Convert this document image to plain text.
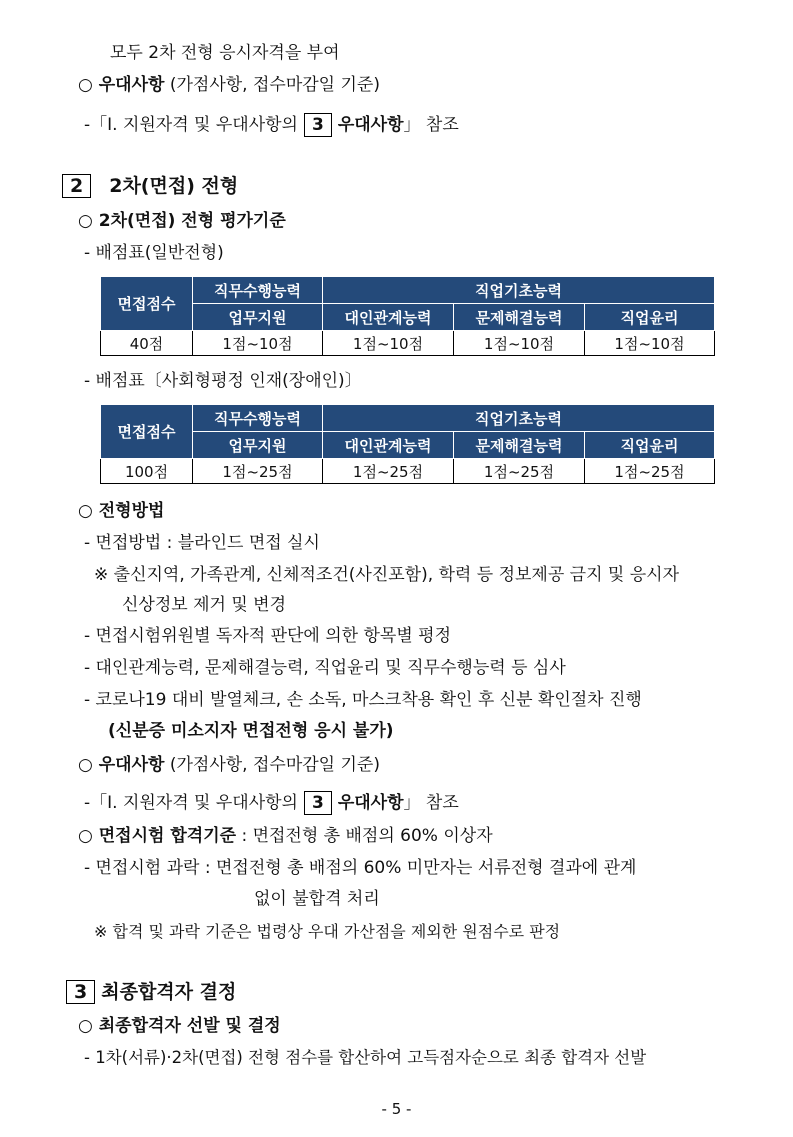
모두 2차 전형 응시자격을 부여
○ 우대사항 (가점사항, 접수마감일 기준)
-「Ⅰ. 지원자격 및 우대사항의 3 우대사항」 참조
2 2차(면접) 전형
○ 2차(면접) 전형 평가기준
- 배점표(일반전형)
면접점수	직무수행능력	직업기초능력		
	업무지원	대인관계능력	문제해결능력	직업윤리
40점	1점~10점	1점~10점	1점~10점	1점~10점
- 배점표〔사회형평정 인재(장애인)〕
면접점수	직무수행능력	직업기초능력		
	업무지원	대인관계능력	문제해결능력	직업윤리
100점	1점~25점	1점~25점	1점~25점	1점~25점
○ 전형방법
- 면접방법 : 블라인드 면접 실시
※ 출신지역, 가족관계, 신체적조건(사진포함), 학력 등 정보제공 금지 및 응시자
신상정보 제거 및 변경
- 면접시험위원별 독자적 판단에 의한 항목별 평정
- 대인관계능력, 문제해결능력, 직업윤리 및 직무수행능력 등 심사
- 코로나19 대비 발열체크, 손 소독, 마스크착용 확인 후 신분 확인절차 진행
(신분증 미소지자 면접전형 응시 불가)
○ 우대사항 (가점사항, 접수마감일 기준)
-「Ⅰ. 지원자격 및 우대사항의 3 우대사항」 참조
○ 면접시험 합격기준 : 면접전형 총 배점의 60% 이상자
- 면접시험 과락 : 면접전형 총 배점의 60% 미만자는 서류전형 결과에 관계
없이 불합격 처리
※ 합격 및 과락 기준은 법령상 우대 가산점을 제외한 원점수로 판정
3 최종합격자 결정
○ 최종합격자 선발 및 결정
- 1차(서류)·2차(면접) 전형 점수를 합산하여 고득점자순으로 최종 합격자 선발
- 5 -
